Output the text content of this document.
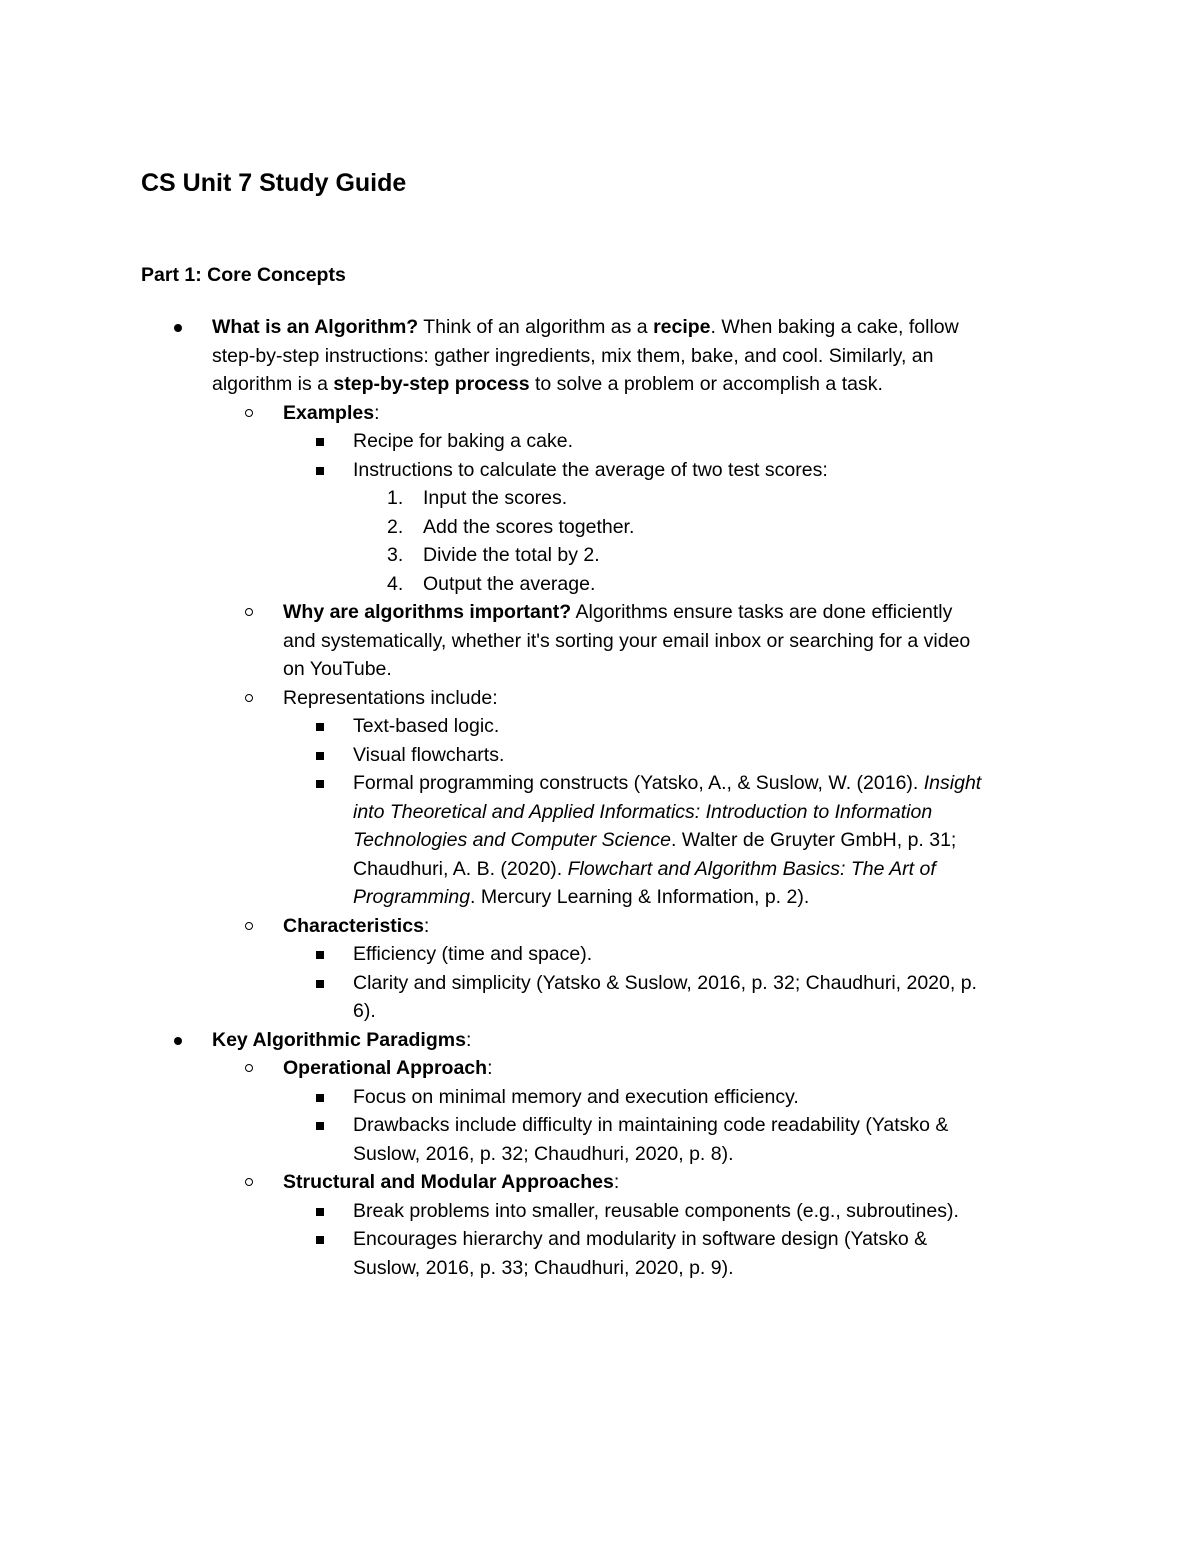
CS Unit 7 Study Guide
Part 1: Core Concepts
What is an Algorithm? Think of an algorithm as a recipe. When baking a cake, follow
step-by-step instructions: gather ingredients, mix them, bake, and cool. Similarly, an
algorithm is a step-by-step process to solve a problem or accomplish a task.
Examples:
Recipe for baking a cake.
Instructions to calculate the average of two test scores:
1. Input the scores.
2. Add the scores together.
3. Divide the total by 2.
4. Output the average.
Why are algorithms important? Algorithms ensure tasks are done efficiently
and systematically, whether it's sorting your email inbox or searching for a video
on YouTube.
Representations include:
Text-based logic.
Visual flowcharts.
Formal programming constructs (Yatsko, A., & Suslow, W. (2016). Insight
into Theoretical and Applied Informatics: Introduction to Information
Technologies and Computer Science. Walter de Gruyter GmbH, p. 31;
Chaudhuri, A. B. (2020). Flowchart and Algorithm Basics: The Art of
Programming. Mercury Learning & Information, p. 2).
Characteristics:
Efficiency (time and space).
Clarity and simplicity (Yatsko & Suslow, 2016, p. 32; Chaudhuri, 2020, p.
6).
Key Algorithmic Paradigms:
Operational Approach:
Focus on minimal memory and execution efficiency.
Drawbacks include difficulty in maintaining code readability (Yatsko &
Suslow, 2016, p. 32; Chaudhuri, 2020, p. 8).
Structural and Modular Approaches:
Break problems into smaller, reusable components (e.g., subroutines).
Encourages hierarchy and modularity in software design (Yatsko &
Suslow, 2016, p. 33; Chaudhuri, 2020, p. 9).
